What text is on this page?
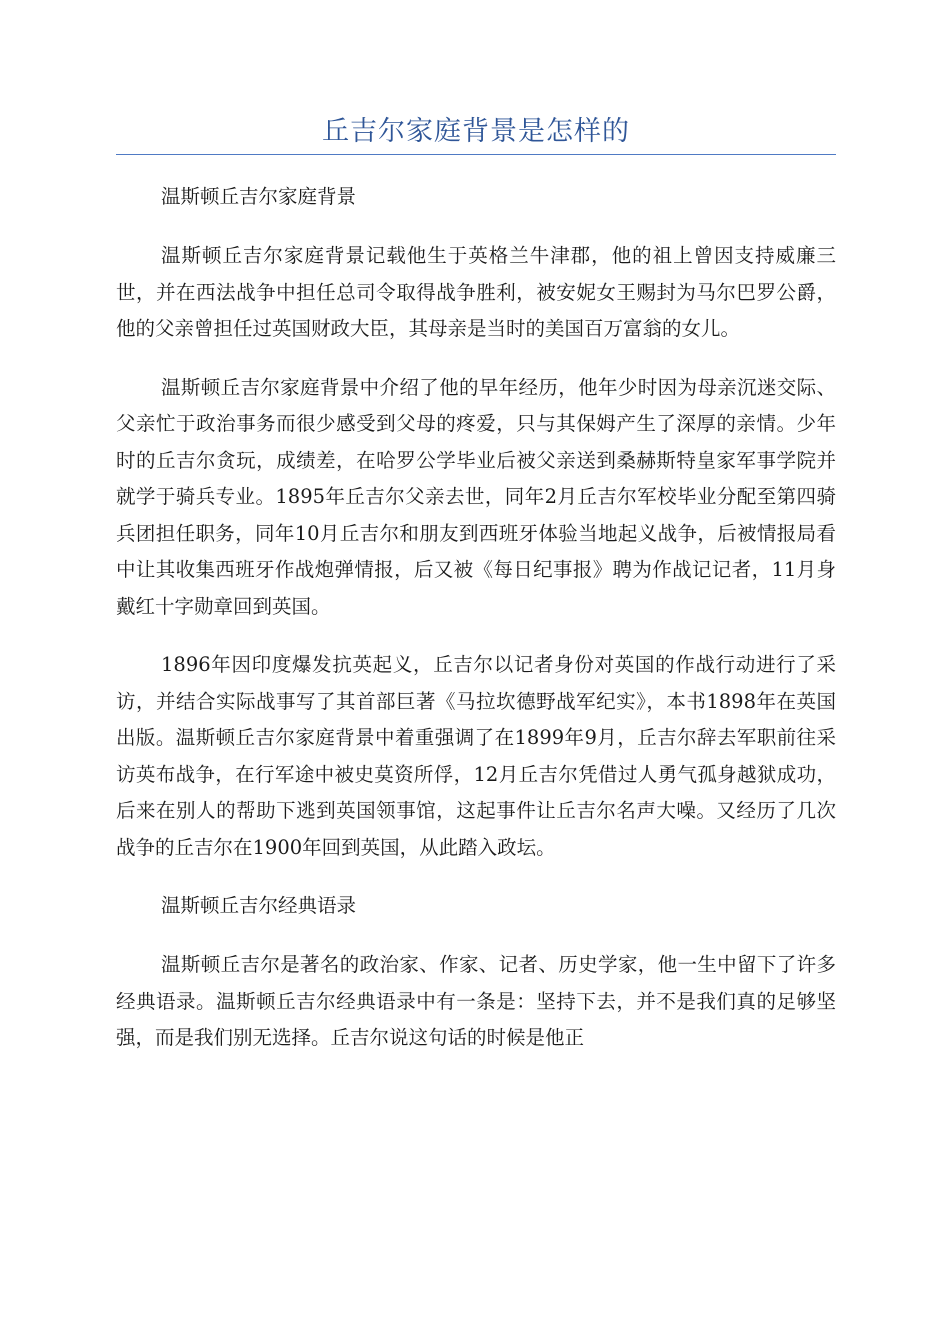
丘吉尔家庭背景是怎样的

温斯顿丘吉尔家庭背景

温斯顿丘吉尔家庭背景记载他生于英格兰牛津郡，他的祖上曾因支持威廉三世，并在西法战争中担任总司令取得战争胜利，被安妮女王赐封为马尔巴罗公爵，他的父亲曾担任过英国财政大臣，其母亲是当时的美国百万富翁的女儿。

温斯顿丘吉尔家庭背景中介绍了他的早年经历，他年少时因为母亲沉迷交际、父亲忙于政治事务而很少感受到父母的疼爱，只与其保姆产生了深厚的亲情。少年时的丘吉尔贪玩，成绩差，在哈罗公学毕业后被父亲送到桑赫斯特皇家军事学院并就学于骑兵专业。1895年丘吉尔父亲去世，同年2月丘吉尔军校毕业分配至第四骑兵团担任职务，同年10月丘吉尔和朋友到西班牙体验当地起义战争，后被情报局看中让其收集西班牙作战炮弹情报，后又被《每日纪事报》聘为作战记记者，11月身戴红十字勋章回到英国。

1896年因印度爆发抗英起义，丘吉尔以记者身份对英国的作战行动进行了采访，并结合实际战事写了其首部巨著《马拉坎德野战军纪实》，本书1898年在英国出版。温斯顿丘吉尔家庭背景中着重强调了在1899年9月，丘吉尔辞去军职前往采访英布战争，在行军途中被史莫资所俘，12月丘吉尔凭借过人勇气孤身越狱成功，后来在别人的帮助下逃到英国领事馆，这起事件让丘吉尔名声大噪。又经历了几次战争的丘吉尔在1900年回到英国，从此踏入政坛。

温斯顿丘吉尔经典语录

温斯顿丘吉尔是著名的政治家、作家、记者、历史学家，他一生中留下了许多经典语录。温斯顿丘吉尔经典语录中有一条是：坚持下去，并不是我们真的足够坚强，而是我们别无选择。丘吉尔说这句话的时候是他正
